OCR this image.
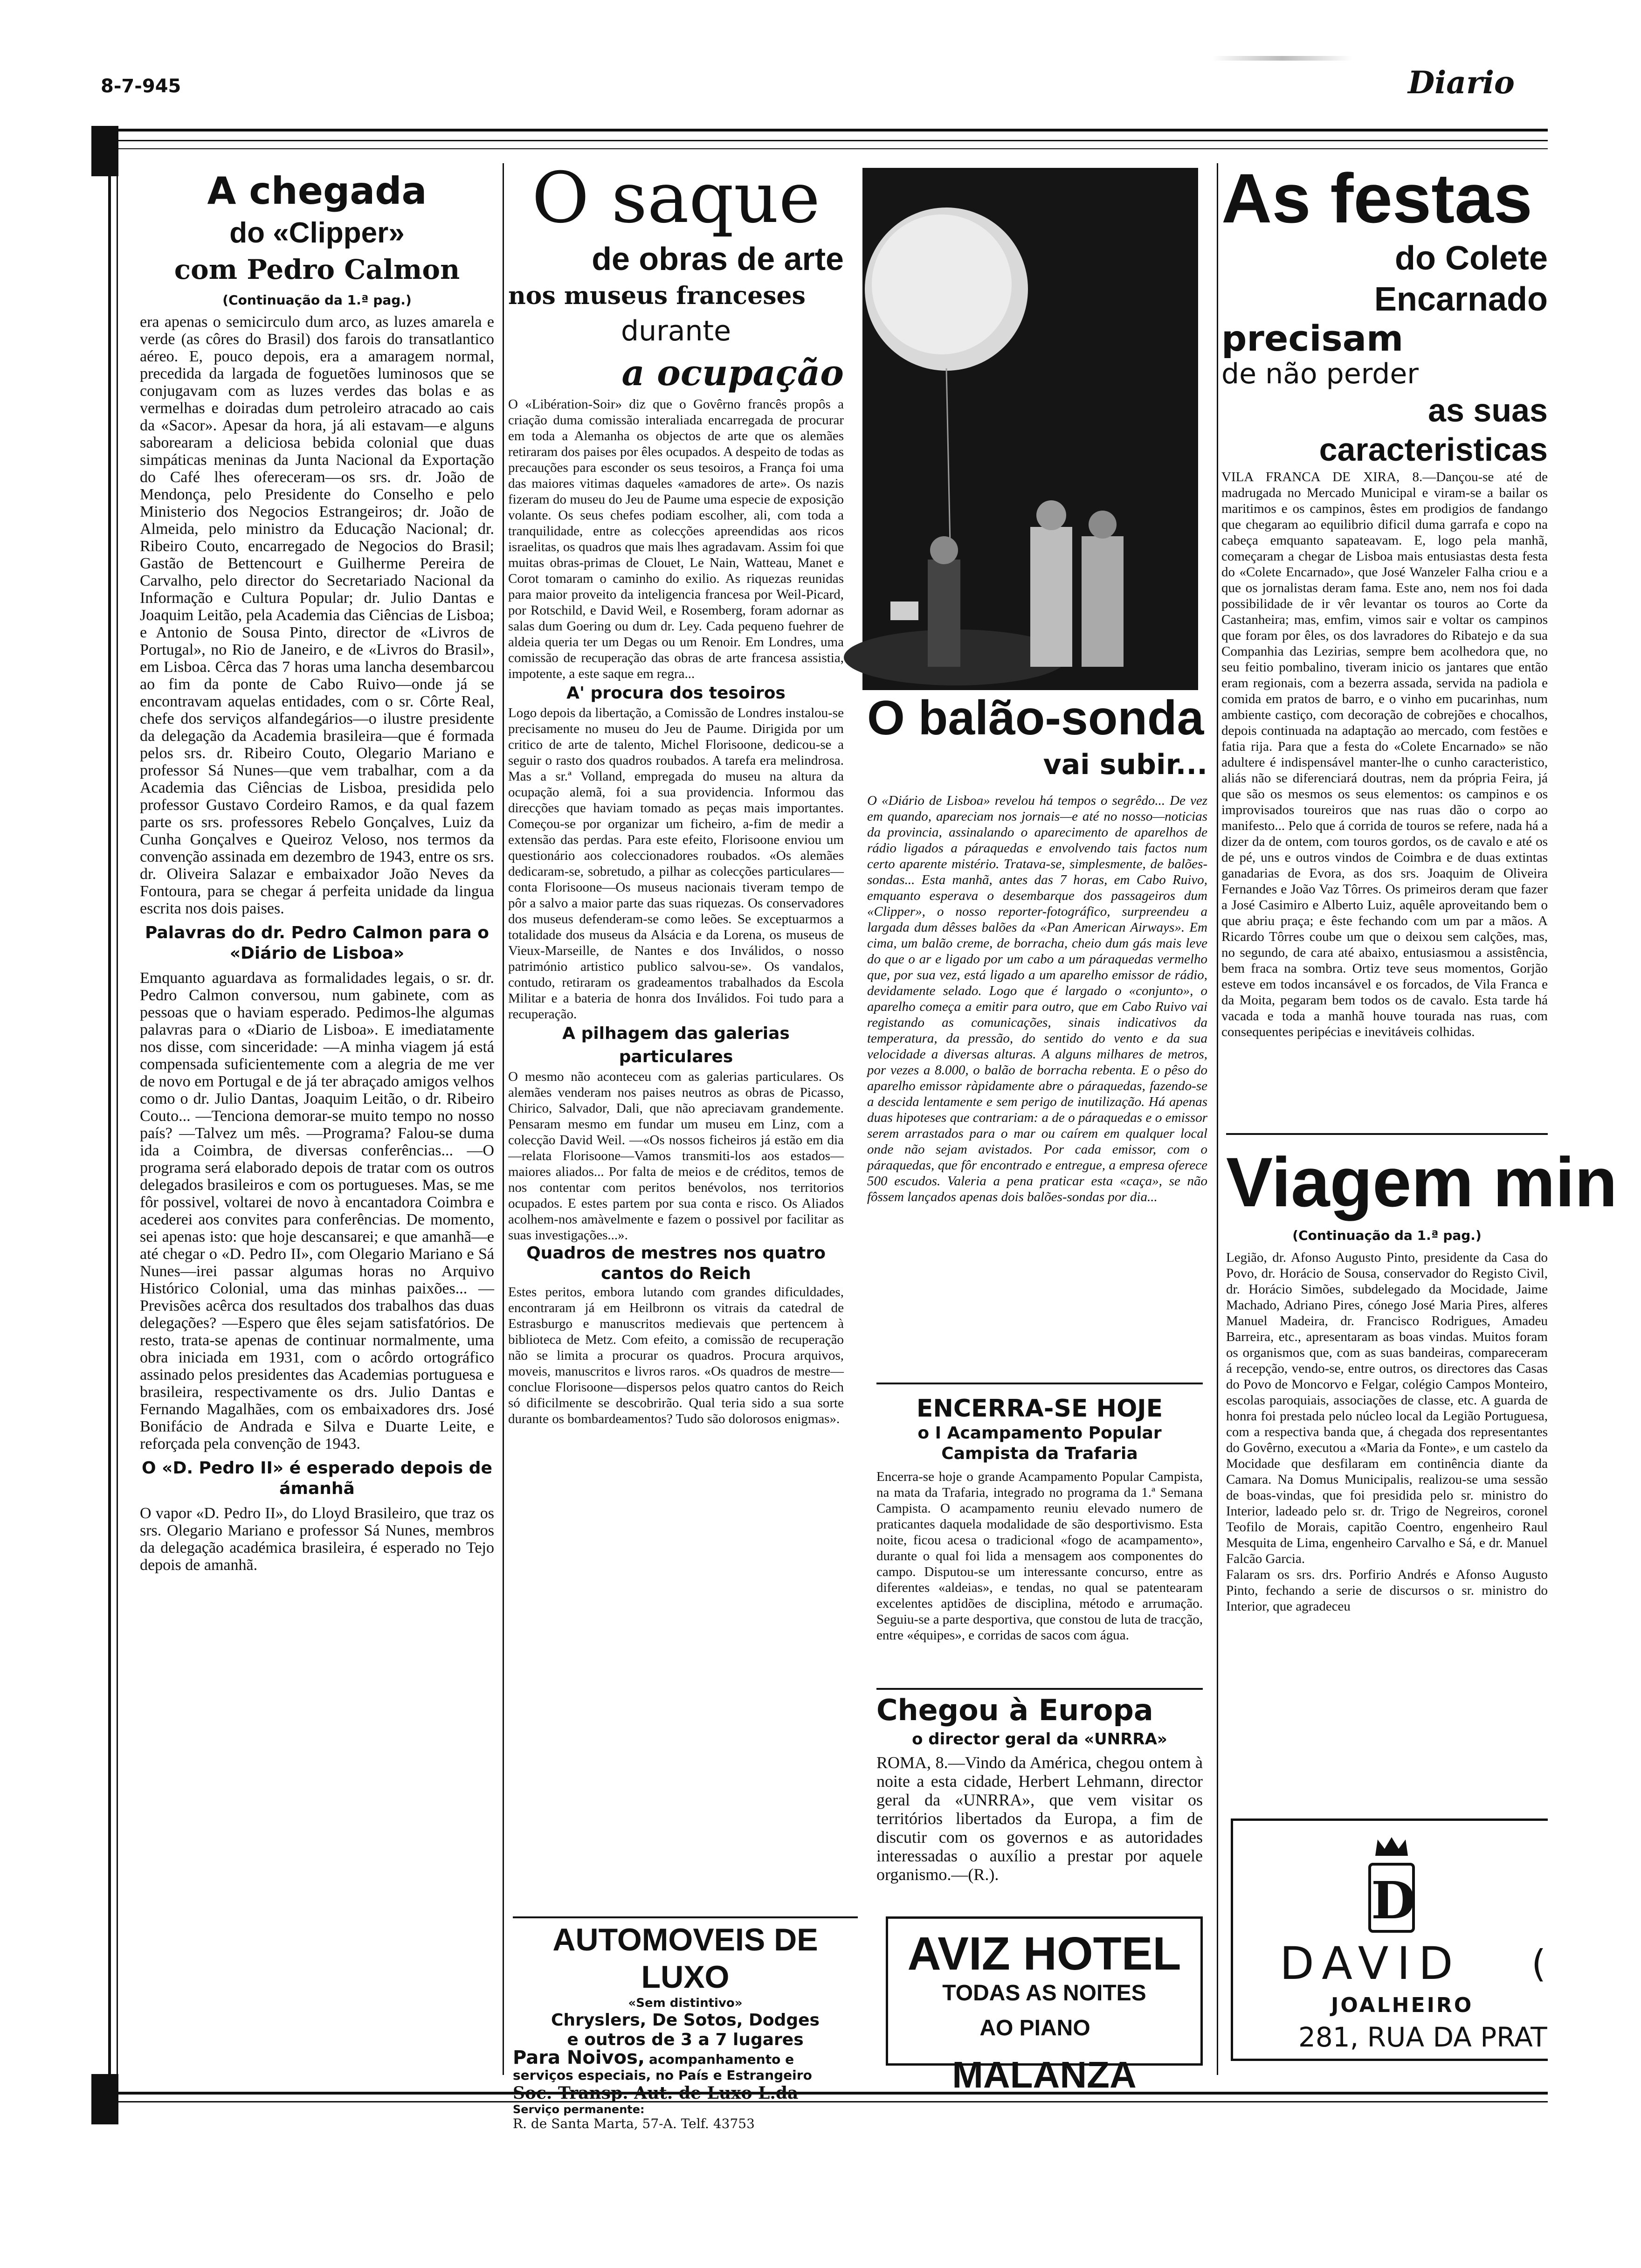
8-7-945	Diario
A chegada
do «Clipper»
com Pedro Calmon
(Continuação da 1.ª pag.)

era apenas o semicirculo dum arco, as luzes amarela e verde (as côres do Brasil) dos farois do transatlantico aéreo. E, pouco depois, era a amaragem normal, precedida da largada de foguetões luminosos que se conjugavam com as luzes verdes das bolas e as vermelhas e doiradas dum petroleiro atracado ao cais da «Sacor». Apesar da hora, já ali estavam—e alguns saborearam a deliciosa bebida colonial que duas simpáticas meninas da Junta Nacional da Exportação do Café lhes ofereceram—os srs. dr. João de Mendonça, pelo Presidente do Conselho e pelo Ministerio dos Negocios Estrangeiros; dr. João de Almeida, pelo ministro da Educação Nacional; dr. Ribeiro Couto, encarregado de Negocios do Brasil; Gastão de Bettencourt e Guilherme Pereira de Carvalho, pelo director do Secretariado Nacional da Informação e Cultura Popular; dr. Julio Dantas e Joaquim Leitão, pela Academia das Ciências de Lisboa; e Antonio de Sousa Pinto, director de «Livros de Portugal», no Rio de Janeiro, e de «Livros do Brasil», em Lisboa. Cêrca das 7 horas uma lancha desembarcou ao fim da ponte de Cabo Ruivo—onde já se encontravam aquelas entidades, com o sr. Côrte Real, chefe dos serviços alfandegários—o ilustre presidente da delegação da Academia brasileira—que é formada pelos srs. dr. Ribeiro Couto, Olegario Mariano e professor Sá Nunes—que vem trabalhar, com a da Academia das Ciências de Lisboa, presidida pelo professor Gustavo Cordeiro Ramos, e da qual fazem parte os srs. professores Rebelo Gonçalves, Luiz da Cunha Gonçalves e Queiroz Veloso, nos termos da convenção assinada em dezembro de 1943, entre os srs. dr. Oliveira Salazar e embaixador João Neves da Fontoura, para se chegar á perfeita unidade da lingua escrita nos dois paises.

Palavras do dr. Pedro Calmon para o «Diário de Lisboa»

Emquanto aguardava as formalidades legais, o sr. dr. Pedro Calmon conversou, num gabinete, com as pessoas que o haviam esperado. Pedimos-lhe algumas palavras para o «Diario de Lisboa». E imediatamente nos disse, com sinceridade: —A minha viagem já está compensada suficientemente com a alegria de me ver de novo em Portugal e de já ter abraçado amigos velhos como o dr. Julio Dantas, Joaquim Leitão, o dr. Ribeiro Couto... —Tenciona demorar-se muito tempo no nosso país? —Talvez um mês. —Programa? Falou-se duma ida a Coimbra, de diversas conferências... —O programa será elaborado depois de tratar com os outros delegados brasileiros e com os portugueses. Mas, se me fôr possivel, voltarei de novo à encantadora Coimbra e acederei aos convites para conferências. De momento, sei apenas isto: que hoje descansarei; e que amanhã—e até chegar o «D. Pedro II», com Olegario Mariano e Sá Nunes—irei passar algumas horas no Arquivo Histórico Colonial, uma das minhas paixões... —Previsões acêrca dos resultados dos trabalhos das duas delegações? —Espero que êles sejam satisfatórios. De resto, trata-se apenas de continuar normalmente, uma obra iniciada em 1931, com o acôrdo ortográfico assinado pelos presidentes das Academias portuguesa e brasileira, respectivamente os drs. Julio Dantas e Fernando Magalhães, com os embaixadores drs. José Bonifácio de Andrada e Silva e Duarte Leite, e reforçada pela convenção de 1943.

O «D. Pedro II» é esperado depois de ámanhã

O vapor «D. Pedro II», do Lloyd Brasileiro, que traz os srs. Olegario Mariano e professor Sá Nunes, membros da delegação académica brasileira, é esperado no Tejo depois de amanhã.

O saque
de obras de arte
nos museus franceses
durante
a ocupação

O «Libération-Soir» diz que o Govêrno francês propôs a criação duma comissão interaliada encarregada de procurar em toda a Alemanha os objectos de arte que os alemães retiraram dos paises por êles ocupados. A despeito de todas as precauções para esconder os seus tesoiros, a França foi uma das maiores vitimas daqueles «amadores de arte». Os nazis fizeram do museu do Jeu de Paume uma especie de exposição volante. Os seus chefes podiam escolher, ali, com toda a tranquilidade, entre as colecções apreendidas aos ricos israelitas, os quadros que mais lhes agradavam. Assim foi que muitas obras-primas de Clouet, Le Nain, Watteau, Manet e Corot tomaram o caminho do exilio. As riquezas reunidas para maior proveito da inteligencia francesa por Weil-Picard, por Rotschild, e David Weil, e Rosemberg, foram adornar as salas dum Goering ou dum dr. Ley. Cada pequeno fuehrer de aldeia queria ter um Degas ou um Renoir. Em Londres, uma comissão de recuperação das obras de arte francesa assistia, impotente, a este saque em regra...

A' procura dos tesoiros

Logo depois da libertação, a Comissão de Londres instalou-se precisamente no museu do Jeu de Paume. Dirigida por um critico de arte de talento, Michel Florisoone, dedicou-se a seguir o rasto dos quadros roubados. A tarefa era melindrosa. Mas a sr.ª Volland, empregada do museu na altura da ocupação alemã, foi a sua providencia. Informou das direcções que haviam tomado as peças mais importantes. Começou-se por organizar um ficheiro, a-fim de medir a extensão das perdas. Para este efeito, Florisoone enviou um questionário aos coleccionadores roubados. «Os alemães dedicaram-se, sobretudo, a pilhar as colecções particulares—conta Florisoone—Os museus nacionais tiveram tempo de pôr a salvo a maior parte das suas riquezas. Os conservadores dos museus defenderam-se como leões. Se exceptuarmos a totalidade dos museus da Alsácia e da Lorena, os museus de Vieux-Marseille, de Nantes e dos Inválidos, o nosso património artistico publico salvou-se». Os vandalos, contudo, retiraram os gradeamentos trabalhados da Escola Militar e a bateria de honra dos Inválidos. Foi tudo para a recuperação.

A pilhagem das galerias particulares

O mesmo não aconteceu com as galerias particulares. Os alemães venderam nos paises neutros as obras de Picasso, Chirico, Salvador, Dali, que não apreciavam grandemente. Pensaram mesmo em fundar um museu em Linz, com a colecção David Weil. —«Os nossos ficheiros já estão em dia—relata Florisoone—Vamos transmiti-los aos estados—maiores aliados... Por falta de meios e de créditos, temos de nos contentar com peritos benévolos, nos territorios ocupados. E estes partem por sua conta e risco. Os Aliados acolhem-nos amàvelmente e fazem o possivel por facilitar as suas investigações...».

Quadros de mestres nos quatro cantos do Reich

Estes peritos, embora lutando com grandes dificuldades, encontraram já em Heilbronn os vitrais da catedral de Estrasburgo e manuscritos medievais que pertencem à biblioteca de Metz. Com efeito, a comissão de recuperação não se limita a procurar os quadros. Procura arquivos, moveis, manuscritos e livros raros. «Os quadros de mestre—conclue Florisoone—dispersos pelos quatro cantos do Reich só dificilmente se descobrirão. Qual teria sido a sua sorte durante os bombardeamentos? Tudo são dolorosos enigmas».

AUTOMOVEIS DE LUXO
«Sem distintivo»
Chryslers, De Sotos, Dodges
e outros de 3 a 7 lugares
Para Noivos, acompanhamento e serviços especiais, no País e Estrangeiro
Soc. Transp. Aut. de Luxo L.da
Serviço permanente:
R. de Santa Marta, 57-A. Telf. 43753
O balão-sonda
vai subir...

O «Diário de Lisboa» revelou há tempos o segrêdo... De vez em quando, apareciam nos jornais—e até no nosso—noticias da provincia, assinalando o aparecimento de aparelhos de rádio ligados a páraquedas e envolvendo tais factos num certo aparente mistério. Tratava-se, simplesmente, de balões-sondas... Esta manhã, antes das 7 horas, em Cabo Ruivo, emquanto esperava o desembarque dos passageiros dum «Clipper», o nosso reporter-fotográfico, surpreendeu a largada dum dêsses balões da «Pan American Airways». Em cima, um balão creme, de borracha, cheio dum gás mais leve do que o ar e ligado por um cabo a um páraquedas vermelho que, por sua vez, está ligado a um aparelho emissor de rádio, devidamente selado. Logo que é largado o «conjunto», o aparelho começa a emitir para outro, que em Cabo Ruivo vai registando as comunicações, sinais indicativos da temperatura, da pressão, do sentido do vento e da sua velocidade a diversas alturas. A alguns milhares de metros, por vezes a 8.000, o balão de borracha rebenta. E o pêso do aparelho emissor ràpidamente abre o páraquedas, fazendo-se a descida lentamente e sem perigo de inutilização. Há apenas duas hipoteses que contrariam: a de o páraquedas e o emissor serem arrastados para o mar ou caírem em qualquer local onde não sejam avistados. Por cada emissor, com o páraquedas, que fôr encontrado e entregue, a empresa oferece 500 escudos. Valeria a pena praticar esta «caça», se não fôssem lançados apenas dois balões-sondas por dia...

ENCERRA-SE HOJE
o I Acampamento Popular
Campista da Trafaria

Encerra-se hoje o grande Acampamento Popular Campista, na mata da Trafaria, integrado no programa da 1.ª Semana Campista. O acampamento reuniu elevado numero de praticantes daquela modalidade de são desportivismo. Esta noite, ficou acesa o tradicional «fogo de acampamento», durante o qual foi lida a mensagem aos componentes do campo. Disputou-se um interessante concurso, entre as diferentes «aldeias», e tendas, no qual se patentearam excelentes aptidões de disciplina, método e arrumação. Seguiu-se a parte desportiva, que constou de luta de tracção, entre «équipes», e corridas de sacos com água.

Chegou à Europa
o director geral da «UNRRA»

ROMA, 8.—Vindo da América, chegou ontem à noite a esta cidade, Herbert Lehmann, director geral da «UNRRA», que vem visitar os territórios libertados da Europa, a fim de discutir com os governos e as autoridades interessadas o auxílio a prestar por aquele organismo.—(R.).

AVIZ HOTEL
TODAS AS NOITES
AO PIANO MALANZA
As festas
do Colete Encarnado
precisam
de não perder
as suas caracteristicas

VILA FRANCA DE XIRA, 8.—Dançou-se até de madrugada no Mercado Municipal e viram-se a bailar os maritimos e os campinos, êstes em prodigios de fandango que chegaram ao equilibrio dificil duma garrafa e copo na cabeça emquanto sapateavam. E, logo pela manhã, começaram a chegar de Lisboa mais entusiastas desta festa do «Colete Encarnado», que José Wanzeler Falha criou e a que os jornalistas deram fama. Este ano, nem nos foi dada possibilidade de ir vêr levantar os touros ao Corte da Castanheira; mas, emfim, vimos sair e voltar os campinos que foram por êles, os dos lavradores do Ribatejo e da sua Companhia das Lezirias, sempre bem acolhedora que, no seu feitio pombalino, tiveram inicio os jantares que então eram regionais, com a bezerra assada, servida na padiola e comida em pratos de barro, e o vinho em pucarinhas, num ambiente castiço, com decoração de cobrejões e chocalhos, depois continuada na adaptação ao mercado, com festões e fatia rija. Para que a festa do «Colete Encarnado» se não adultere é indispensável manter-lhe o cunho caracteristico, aliás não se diferenciará doutras, nem da própria Feira, já que são os mesmos os seus elementos: os campinos e os improvisados toureiros que nas ruas dão o corpo ao manifesto... Pelo que á corrida de touros se refere, nada há a dizer da de ontem, com touros gordos, os de cavalo e até os de pé, uns e outros vindos de Coimbra e de duas extintas ganadarias de Evora, as dos srs. Joaquim de Oliveira Fernandes e João Vaz Tôrres. Os primeiros deram que fazer a José Casimiro e Alberto Luiz, aquêle aproveitando bem o que abriu praça; e êste fechando com um par a mãos. A Ricardo Tôrres coube um que o deixou sem calções, mas, no segundo, de cara até abaixo, entusiasmou a assistência, bem fraca na sombra. Ortiz teve seus momentos, Gorjão esteve em todos incansável e os forcados, de Vila Franca e da Moita, pegaram bem todos os de cavalo. Esta tarde há vacada e toda a manhã houve tourada nas ruas, com consequentes peripécias e inevitáveis colhidas.

Viagem min
(Continuação da 1.ª pag.)

Legião, dr. Afonso Augusto Pinto, presidente da Casa do Povo, dr. Horácio de Sousa, conservador do Registo Civil, dr. Horácio Simões, subdelegado da Mocidade, Jaime Machado, Adriano Pires, cónego José Maria Pires, alferes Manuel Madeira, dr. Francisco Rodrigues, Amadeu Barreira, etc., apresentaram as boas vindas. Muitos foram os organismos que, com as suas bandeiras, compareceram á recepção, vendo-se, entre outros, os directores das Casas do Povo de Moncorvo e Felgar, colégio Campos Monteiro, escolas paroquiais, associações de classe, etc. A guarda de honra foi prestada pelo núcleo local da Legião Portuguesa, com a respectiva banda que, á chegada dos representantes do Govêrno, executou a «Maria da Fonte», e um castelo da Mocidade que desfilaram em continência diante da Camara. Na Domus Municipalis, realizou-se uma sessão de boas-vindas, que foi presidida pelo sr. ministro do Interior, ladeado pelo sr. dr. Trigo de Negreiros, coronel Teofilo de Morais, capitão Coentro, engenheiro Raul Mesquita de Lima, engenheiro Carvalho e Sá, e dr. Manuel Falcão Garcia.

Falaram os srs. drs. Porfirio Andrés e Afonso Augusto Pinto, fechando a serie de discursos o sr. ministro do Interior, que agradeceu

D
DAVID (
JOALHEIRO
281, RUA DA PRAT
